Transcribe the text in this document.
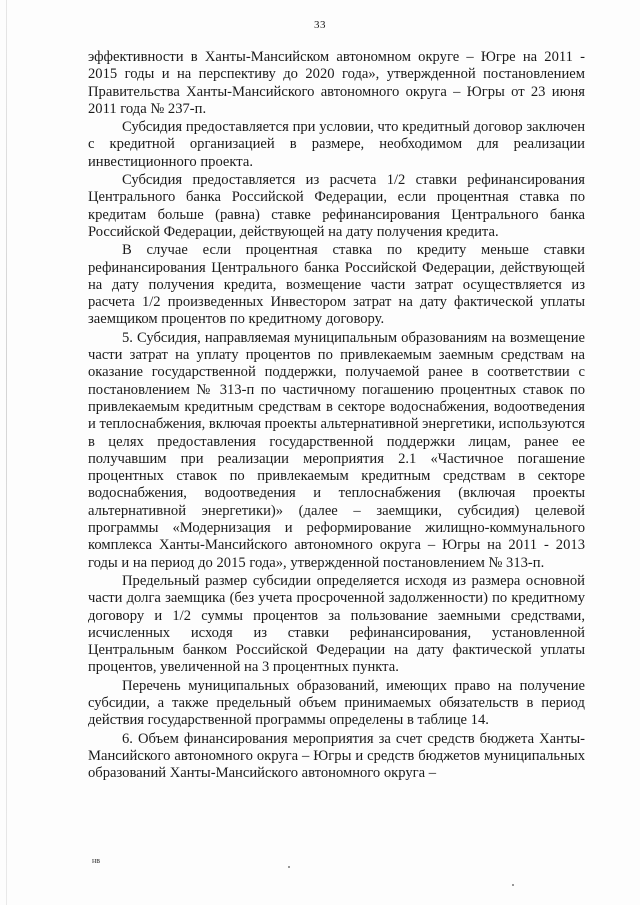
33

эффективности в Ханты-Мансийском автономном округе – Югре на 2011 - 2015 годы и на перспективу до 2020 года», утвержденной постановлением Правительства Ханты-Мансийского автономного округа – Югры от 23 июня 2011 года № 237-п.

Субсидия предоставляется при условии, что кредитный договор заключен с кредитной организацией в размере, необходимом для реализации инвестиционного проекта.

Субсидия предоставляется из расчета 1/2 ставки рефинансирования Центрального банка Российской Федерации, если процентная ставка по кредитам больше (равна) ставке рефинансирования Центрального банка Российской Федерации, действующей на дату получения кредита.

В случае если процентная ставка по кредиту меньше ставки рефинансирования Центрального банка Российской Федерации, действующей на дату получения кредита, возмещение части затрат осуществляется из расчета 1/2 произведенных Инвестором затрат на дату фактической уплаты заемщиком процентов по кредитному договору.

5. Субсидия, направляемая муниципальным образованиям на возмещение части затрат на уплату процентов по привлекаемым заемным средствам на оказание государственной поддержки, получаемой ранее в соответствии с постановлением № 313-п по частичному погашению процентных ставок по привлекаемым кредитным средствам в секторе водоснабжения, водоотведения и теплоснабжения, включая проекты альтернативной энергетики, используются в целях предоставления государственной поддержки лицам, ранее ее получавшим при реализации мероприятия 2.1 «Частичное погашение процентных ставок по привлекаемым кредитным средствам в секторе водоснабжения, водоотведения и теплоснабжения (включая проекты альтернативной энергетики)» (далее – заемщики, субсидия) целевой программы «Модернизация и реформирование жилищно-коммунального комплекса Ханты-Мансийского автономного округа – Югры на 2011 - 2013 годы и на период до 2015 года», утвержденной постановлением № 313-п.

Предельный размер субсидии определяется исходя из размера основной части долга заемщика (без учета просроченной задолженности) по кредитному договору и 1/2 суммы процентов за пользование заемными средствами, исчисленных исходя из ставки рефинансирования, установленной Центральным банком Российской Федерации на дату фактической уплаты процентов, увеличенной на 3 процентных пункта.

Перечень муниципальных образований, имеющих право на получение субсидии, а также предельный объем принимаемых обязательств в период действия государственной программы определены в таблице 14.

6. Объем финансирования мероприятия за счет средств бюджета Ханты-Мансийского автономного округа – Югры и средств бюджетов муниципальных образований Ханты-Мансийского автономного округа –

нв
